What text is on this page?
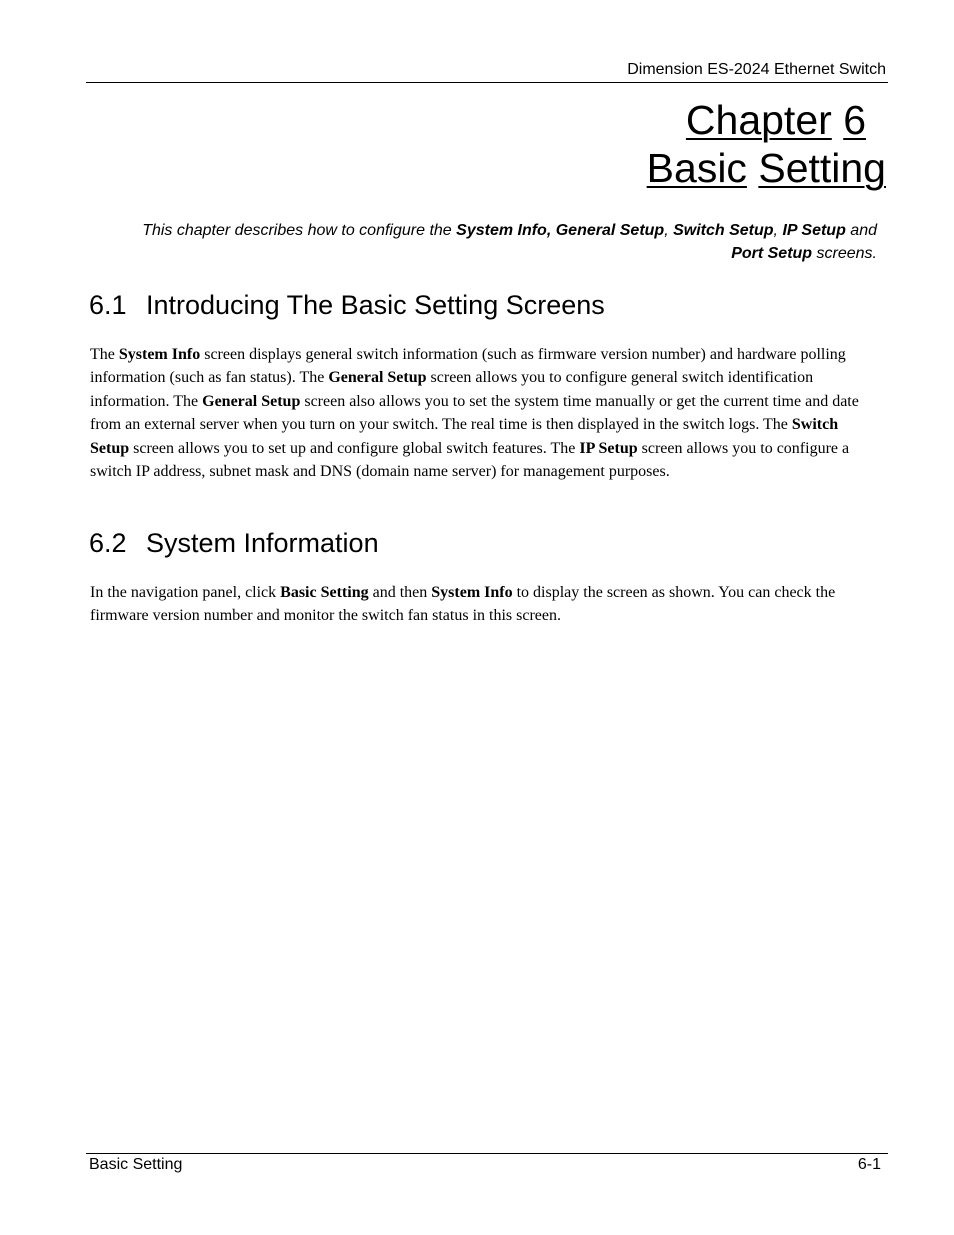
Dimension ES-2024 Ethernet Switch
Chapter 6
Basic Setting
This chapter describes how to configure the System Info, General Setup, Switch Setup, IP Setup and Port Setup screens.
6.1 Introducing The Basic Setting Screens
The System Info screen displays general switch information (such as firmware version number) and hardware polling information (such as fan status). The General Setup screen allows you to configure general switch identification information. The General Setup screen also allows you to set the system time manually or get the current time and date from an external server when you turn on your switch. The real time is then displayed in the switch logs. The Switch Setup screen allows you to set up and configure global switch features. The IP Setup screen allows you to configure a switch IP address, subnet mask and DNS (domain name server) for management purposes.
6.2 System Information
In the navigation panel, click Basic Setting and then System Info to display the screen as shown. You can check the firmware version number and monitor the switch fan status in this screen.
Basic Setting	6-1
